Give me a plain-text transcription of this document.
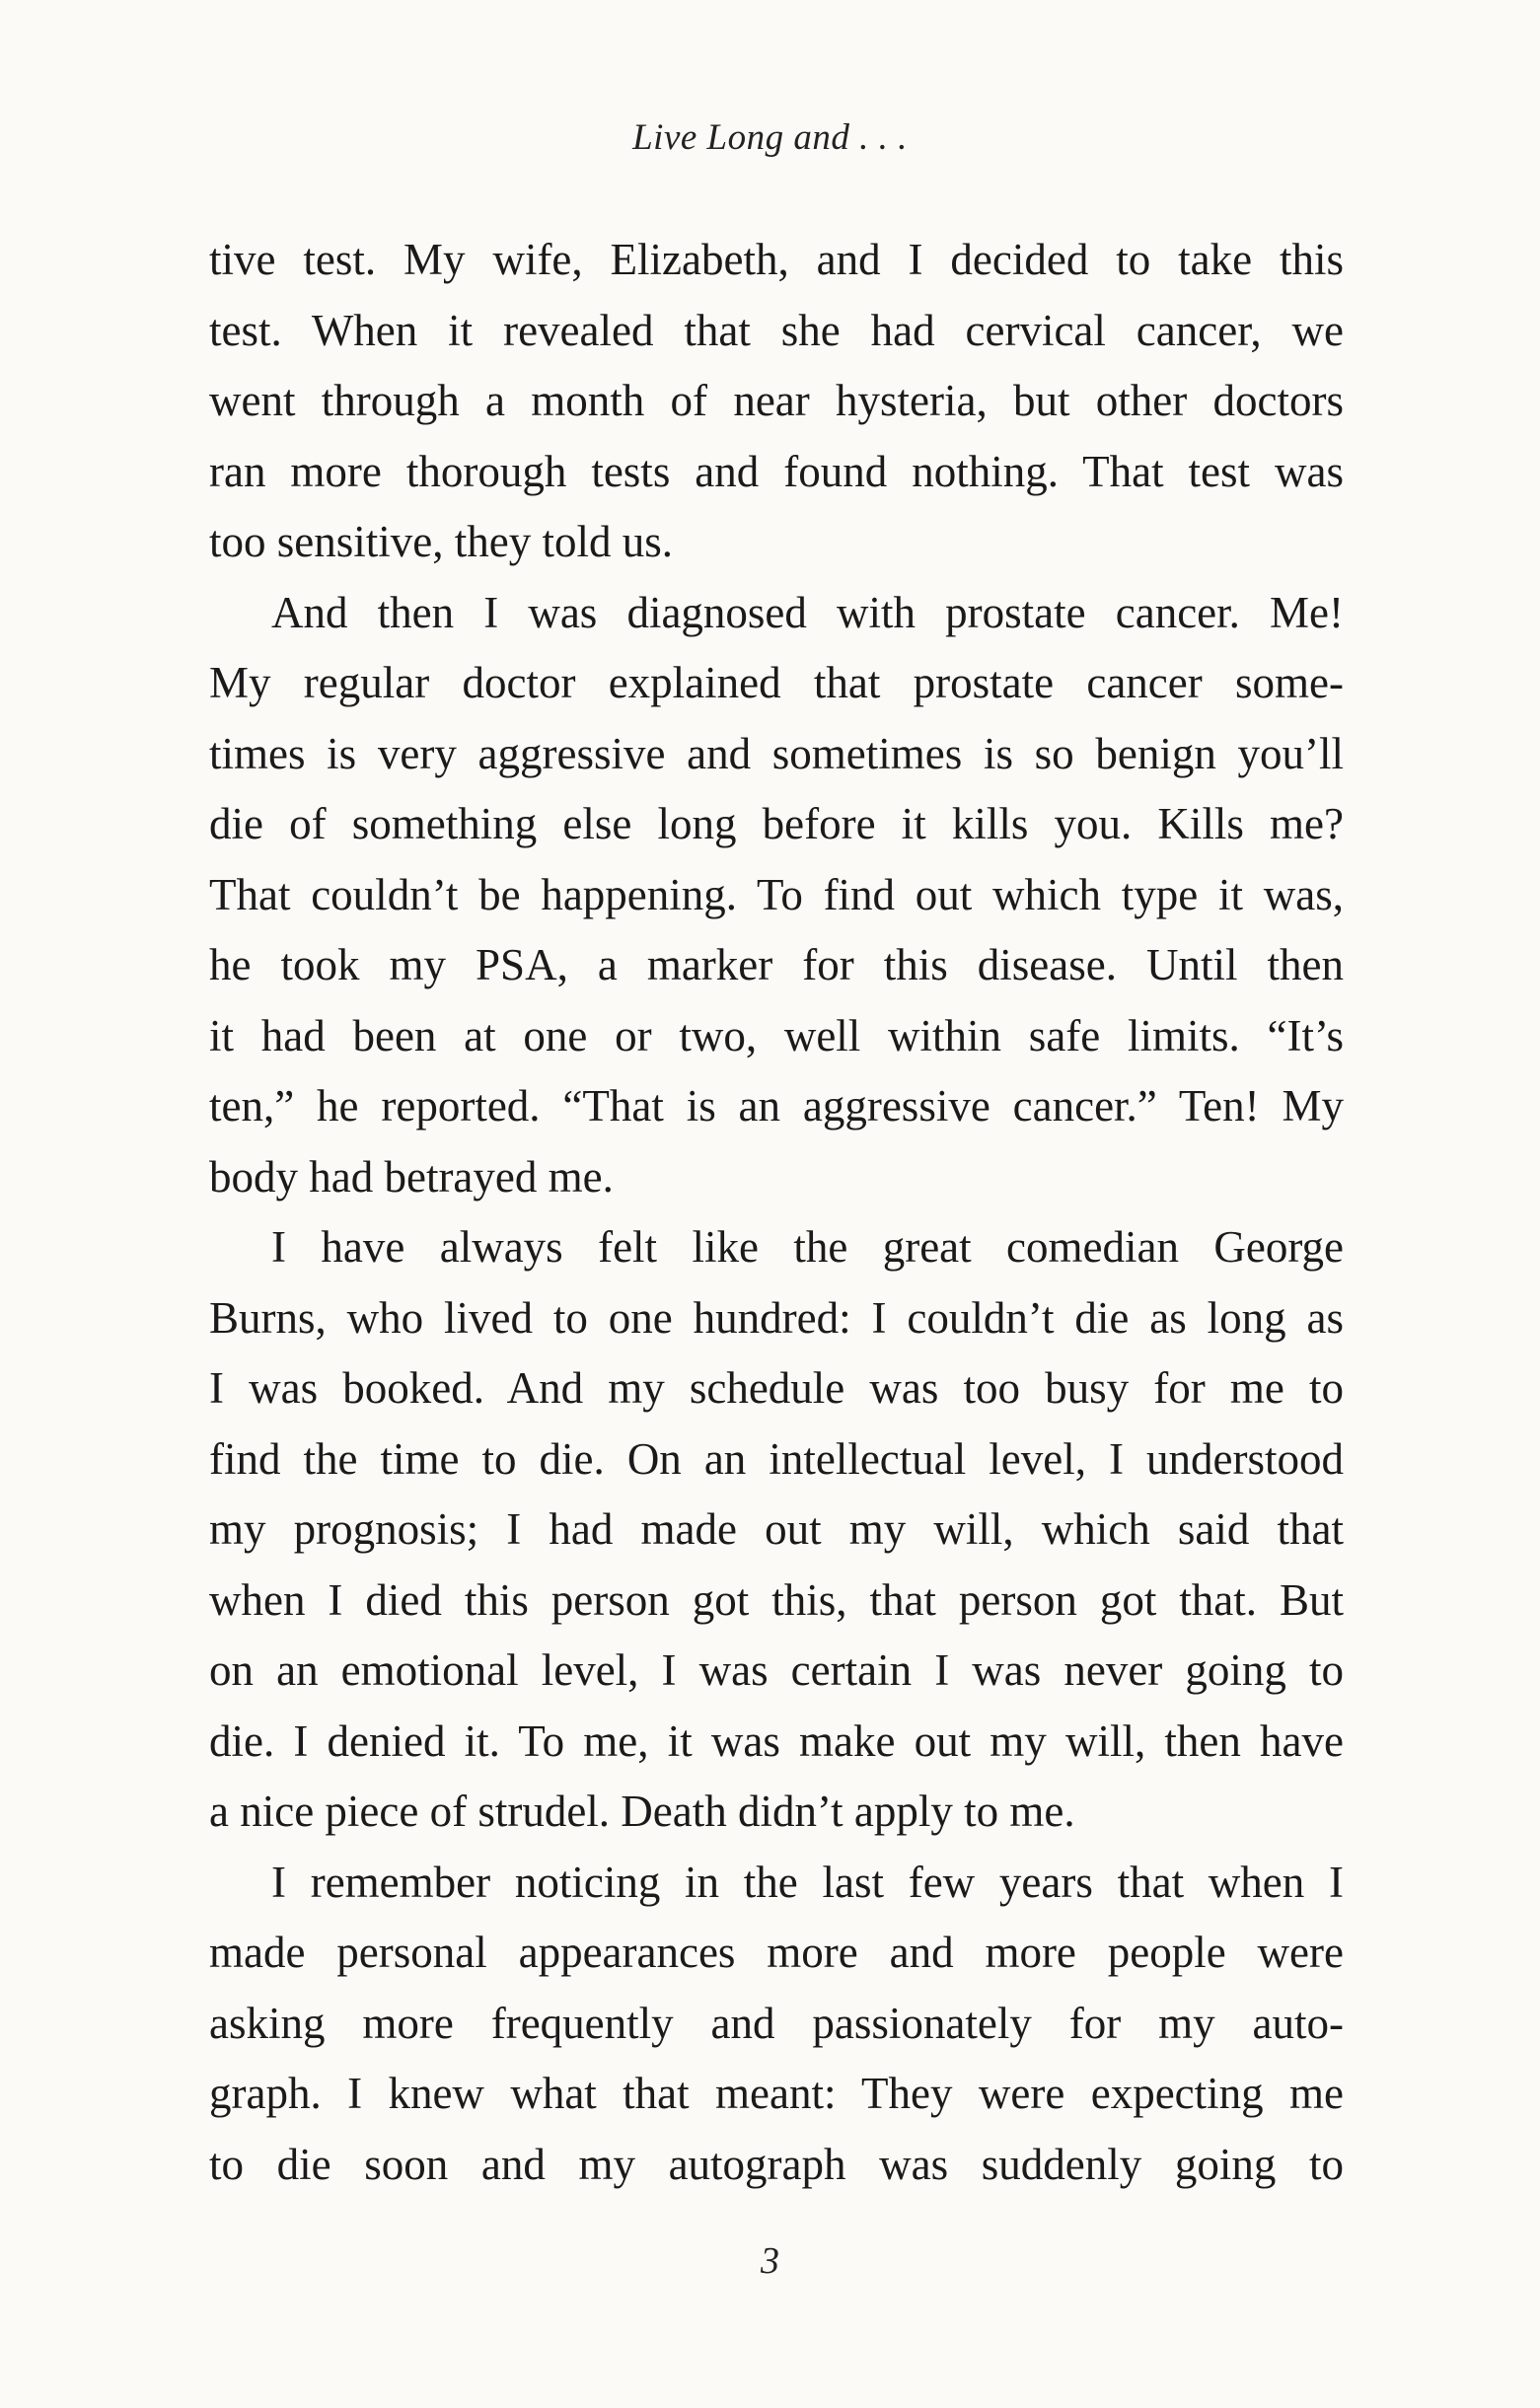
Live Long and . . .
tive test. My wife, Elizabeth, and I decided to take this
test. When it revealed that she had cervical cancer, we
went through a month of near hysteria, but other doctors
ran more thorough tests and found nothing. That test was
too sensitive, they told us.
And then I was diagnosed with prostate cancer. Me!
My regular doctor explained that prostate cancer some-
times is very aggressive and sometimes is so benign you’ll
die of something else long before it kills you. Kills me?
That couldn’t be happening. To find out which type it was,
he took my PSA, a marker for this disease. Until then
it had been at one or two, well within safe limits. “It’s
ten,” he reported. “That is an aggressive cancer.” Ten! My
body had betrayed me.
I have always felt like the great comedian George
Burns, who lived to one hundred: I couldn’t die as long as
I was booked. And my schedule was too busy for me to
find the time to die. On an intellectual level, I understood
my prognosis; I had made out my will, which said that
when I died this person got this, that person got that. But
on an emotional level, I was certain I was never going to
die. I denied it. To me, it was make out my will, then have
a nice piece of strudel. Death didn’t apply to me.
I remember noticing in the last few years that when I
made personal appearances more and more people were
asking more frequently and passionately for my auto-
graph. I knew what that meant: They were expecting me
to die soon and my autograph was suddenly going to
3
